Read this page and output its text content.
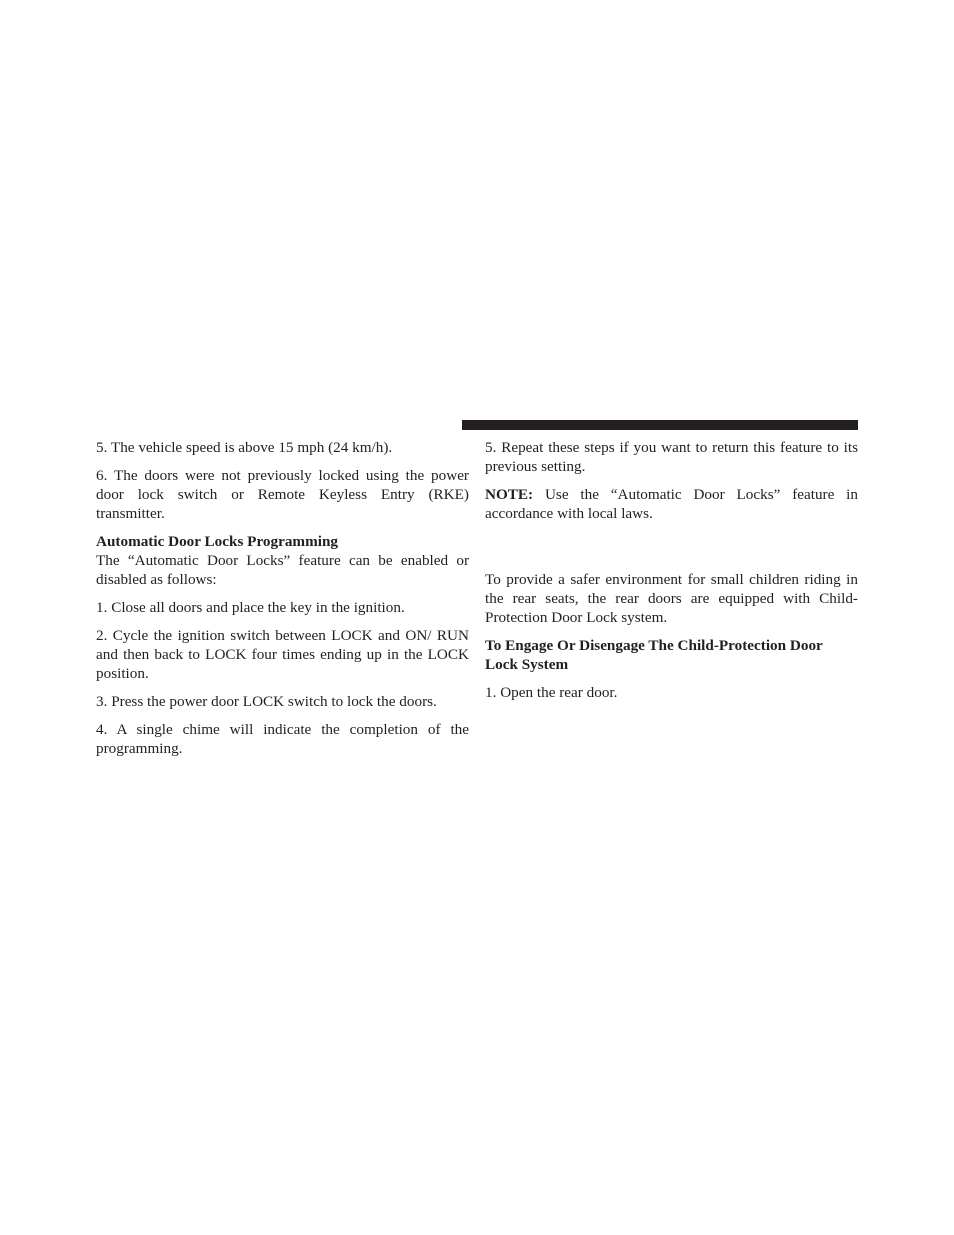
5. The vehicle speed is above 15 mph (24 km/h).

6. The doors were not previously locked using the power door lock switch or Remote Keyless Entry (RKE) transmitter.

Automatic Door Locks Programming

The “Automatic Door Locks” feature can be enabled or disabled as follows:

1. Close all doors and place the key in the ignition.

2. Cycle the ignition switch between LOCK and ON/ RUN and then back to LOCK four times ending up in the LOCK position.

3. Press the power door LOCK switch to lock the doors.

4. A single chime will indicate the completion of the programming.

5. Repeat these steps if you want to return this feature to its previous setting.

NOTE: Use the “Automatic Door Locks” feature in accordance with local laws.

To provide a safer environment for small children riding in the rear seats, the rear doors are equipped with Child-Protection Door Lock system.

To Engage Or Disengage The Child-Protection Door Lock System

1. Open the rear door.
